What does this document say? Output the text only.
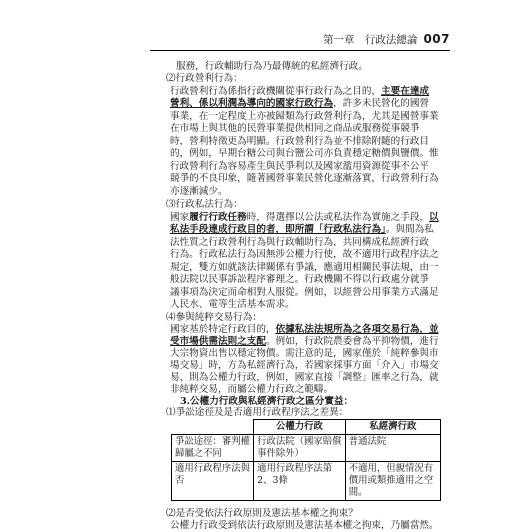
第一章　行政法總論 007
服務，行政輔助行為乃最傳統的私經濟行政。
⑵行政營利行為：
行政營利行為係指行政機關從事行政行為之目的，主要在達成
營利、係以利潤為導向的國家行政行為，許多未民營化的國營
事業，在一定程度上亦被歸類為行政營利行為，尤其是國營事業
在市場上與其他的民營事業提供相同之商品或服務從事競爭
時，營利特徵更為明顯。行政營利行為並不排除附隨的行政目
的，例如，早期台糖公司與台鹽公司亦負責穩定糖價與鹽價。惟
行政營利行為容易產生與民爭利以及國家濫用資源從事不公平
競爭的不良印象，隨著國營事業民營化逐漸落實，行政營利行為
亦逐漸減少。
⑶行政私法行為：
國家履行行政任務時，得選擇以公法或私法作為實施之手段，以
私法手段達成行政目的者，即所謂「行政私法行為」。與間為私
法性質之行政營利行為與行政輔助行為，共同構成私經濟行政
行為。行政私法行為因無涉公權力行使，故不適用行政程序法之
規定，雙方如就該法律關係有爭議，應適用相關民事法規，由一
般法院以民事訴訟程序審理之。行政機關不得以行政處分就爭
議事項為決定而命相對人服從。例如，以經營公用事業方式滿足
人民水、電等生活基本需求。
⑷參與純粹交易行為：
國家基於特定行政目的，依據私法法規所為之各項交易行為，並
受市場供需法則之支配。例如，行政院農委會為平抑物價，進行
大宗物資出售以穩定物價。需注意的是，國家僅於「純粹參與市
場交易」時，方為私經濟行為，若國家採事方面「介入」市場交
易，則為公權力行政，例如，國家直接「調整」匯率之行為，就
非純粹交易，而屬公權力行政之範疇。
3.公權力行政與私經濟行政之區分實益：
⑴爭訟途徑及是否適用行政程序法之差異：
⑵是否受依法行政原則及憲法基本權之拘束？
公權力行政受到依法行政原則及憲法基本權之拘束，乃屬當然。
	公權力行政	私經濟行政
爭訟途徑：審判權歸屬之不同	行政法院（國家賠償事件除外）	普通法院
適用行政程序法與否	適用行政程序法第2、3條	不適用，但親情況有價用或類推適用之空間。
